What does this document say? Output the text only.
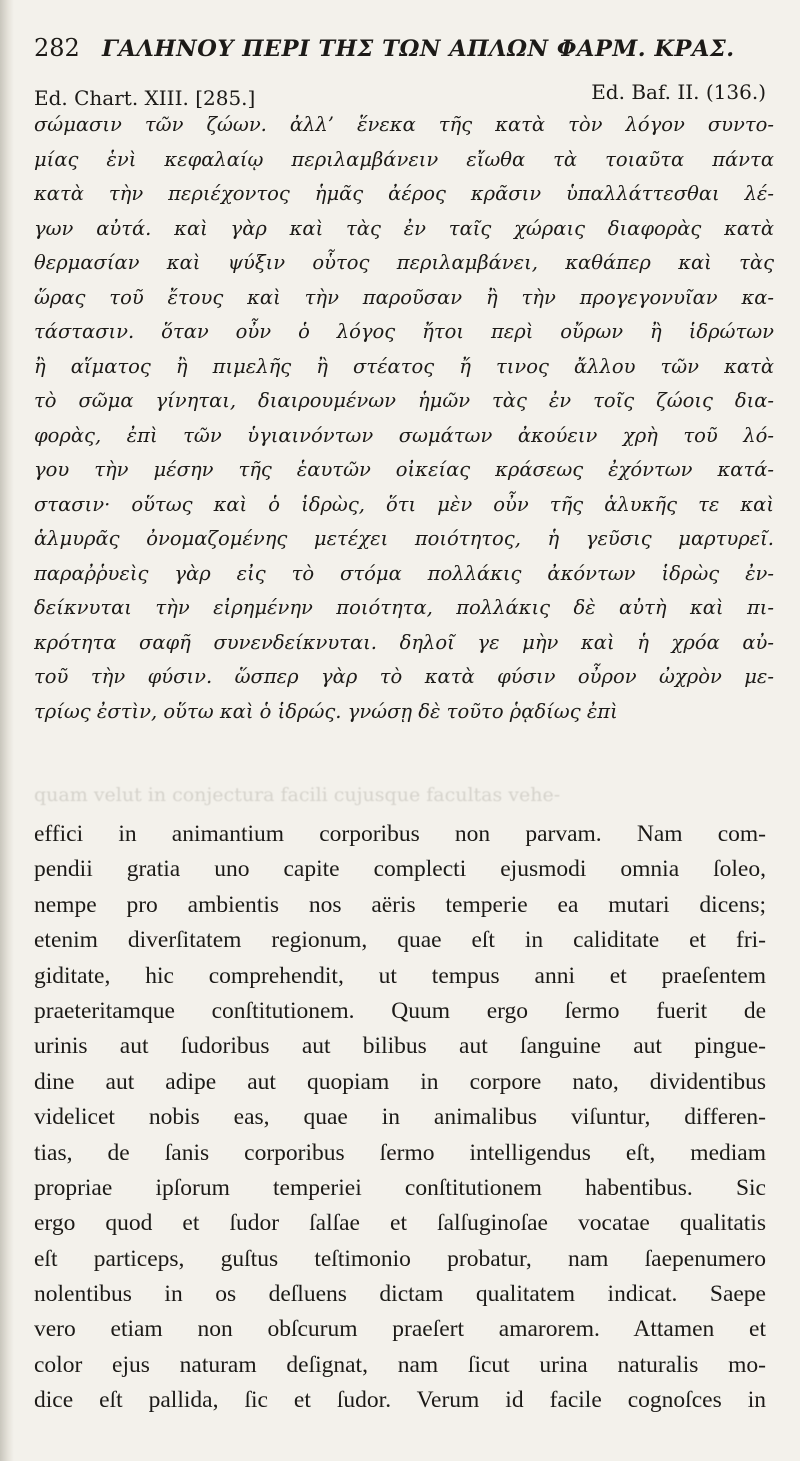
282 ΓΑΛΗΝΟΥ ΠΕΡΙ ΤΗΣ ΤΩΝ ΑΠΛΩΝ ΦΑΡΜ. ΚΡΑΣ.
Ed. Chart. XIII. [285.]	Ed. Baf. II. (136.)
σώμασιν τῶν ζώων. ἀλλ’ ἕνεκα τῆς κατὰ τὸν λόγον συντο-
μίας ἑνὶ κεφαλαίῳ περιλαμβάνειν εἴωθα τὰ τοιαῦτα πάντα
κατὰ τὴν περιέχοντος ἡμᾶς ἀέρος κρᾶσιν ὑπαλλάττεσθαι λέ-
γων αὐτά. καὶ γὰρ καὶ τὰς ἐν ταῖς χώραις διαφορὰς κατὰ
θερμασίαν καὶ ψύξιν οὗτος περιλαμβάνει, καθάπερ καὶ τὰς
ὥρας τοῦ ἔτους καὶ τὴν παροῦσαν ἢ τὴν προγεγονυῖαν κα-
τάστασιν. ὅταν οὖν ὁ λόγος ἤτοι περὶ οὔρων ἢ ἱδρώτων
ἢ αἵματος ἢ πιμελῆς ἢ στέατος ἤ τινος ἄλλου τῶν κατὰ
τὸ σῶμα γίνηται, διαιρουμένων ἡμῶν τὰς ἐν τοῖς ζώοις δια-
φορὰς, ἐπὶ τῶν ὑγιαινόντων σωμάτων ἀκούειν χρὴ τοῦ λό-
γου τὴν μέσην τῆς ἑαυτῶν οἰκείας κράσεως ἐχόντων κατά-
στασιν· οὕτως καὶ ὁ ἱδρὼς, ὅτι μὲν οὖν τῆς ἁλυκῆς τε καὶ
ἁλμυρᾶς ὀνομαζομένης μετέχει ποιότητος, ἡ γεῦσις μαρτυρεῖ.
παραῤῥυεὶς γὰρ εἰς τὸ στόμα πολλάκις ἀκόντων ἱδρὼς ἐν-
δείκνυται τὴν εἰρημένην ποιότητα, πολλάκις δὲ αὐτὴ καὶ πι-
κρότητα σαφῆ συνενδείκνυται. δηλοῖ γε μὴν καὶ ἡ χρόα αὐ-
τοῦ τὴν φύσιν. ὥσπερ γὰρ τὸ κατὰ φύσιν οὖρον ὠχρὸν με-
τρίως ἐστὶν, οὕτω καὶ ὁ ἱδρώς. γνώσῃ δὲ τοῦτο ῥᾳδίως ἐπὶ
quam velut in conjectura facili cujusque facultas vehe-
effici in animantium corporibus non parvam. Nam com-
pendii gratia uno capite complecti ejusmodi omnia ſoleo,
nempe pro ambientis nos aëris temperie ea mutari dicens;
etenim diverſitatem regionum, quae eſt in caliditate et fri-
giditate, hic comprehendit, ut tempus anni et praeſentem
praeteritamque conſtitutionem. Quum ergo ſermo fuerit de
urinis aut ſudoribus aut bilibus aut ſanguine aut pingue-
dine aut adipe aut quopiam in corpore nato, dividentibus
videlicet nobis eas, quae in animalibus viſuntur, differen-
tias, de ſanis corporibus ſermo intelligendus eſt, mediam
propriae ipſorum temperiei conſtitutionem habentibus. Sic
ergo quod et ſudor ſalſae et ſalſuginoſae vocatae qualitatis
eſt particeps, guſtus teſtimonio probatur, nam ſaepenumero
nolentibus in os deſluens dictam qualitatem indicat. Saepe
vero etiam non obſcurum praeſert amarorem. Attamen et
color ejus naturam deſignat, nam ſicut urina naturalis mo-
dice eſt pallida, ſic et ſudor. Verum id facile cognoſces in
